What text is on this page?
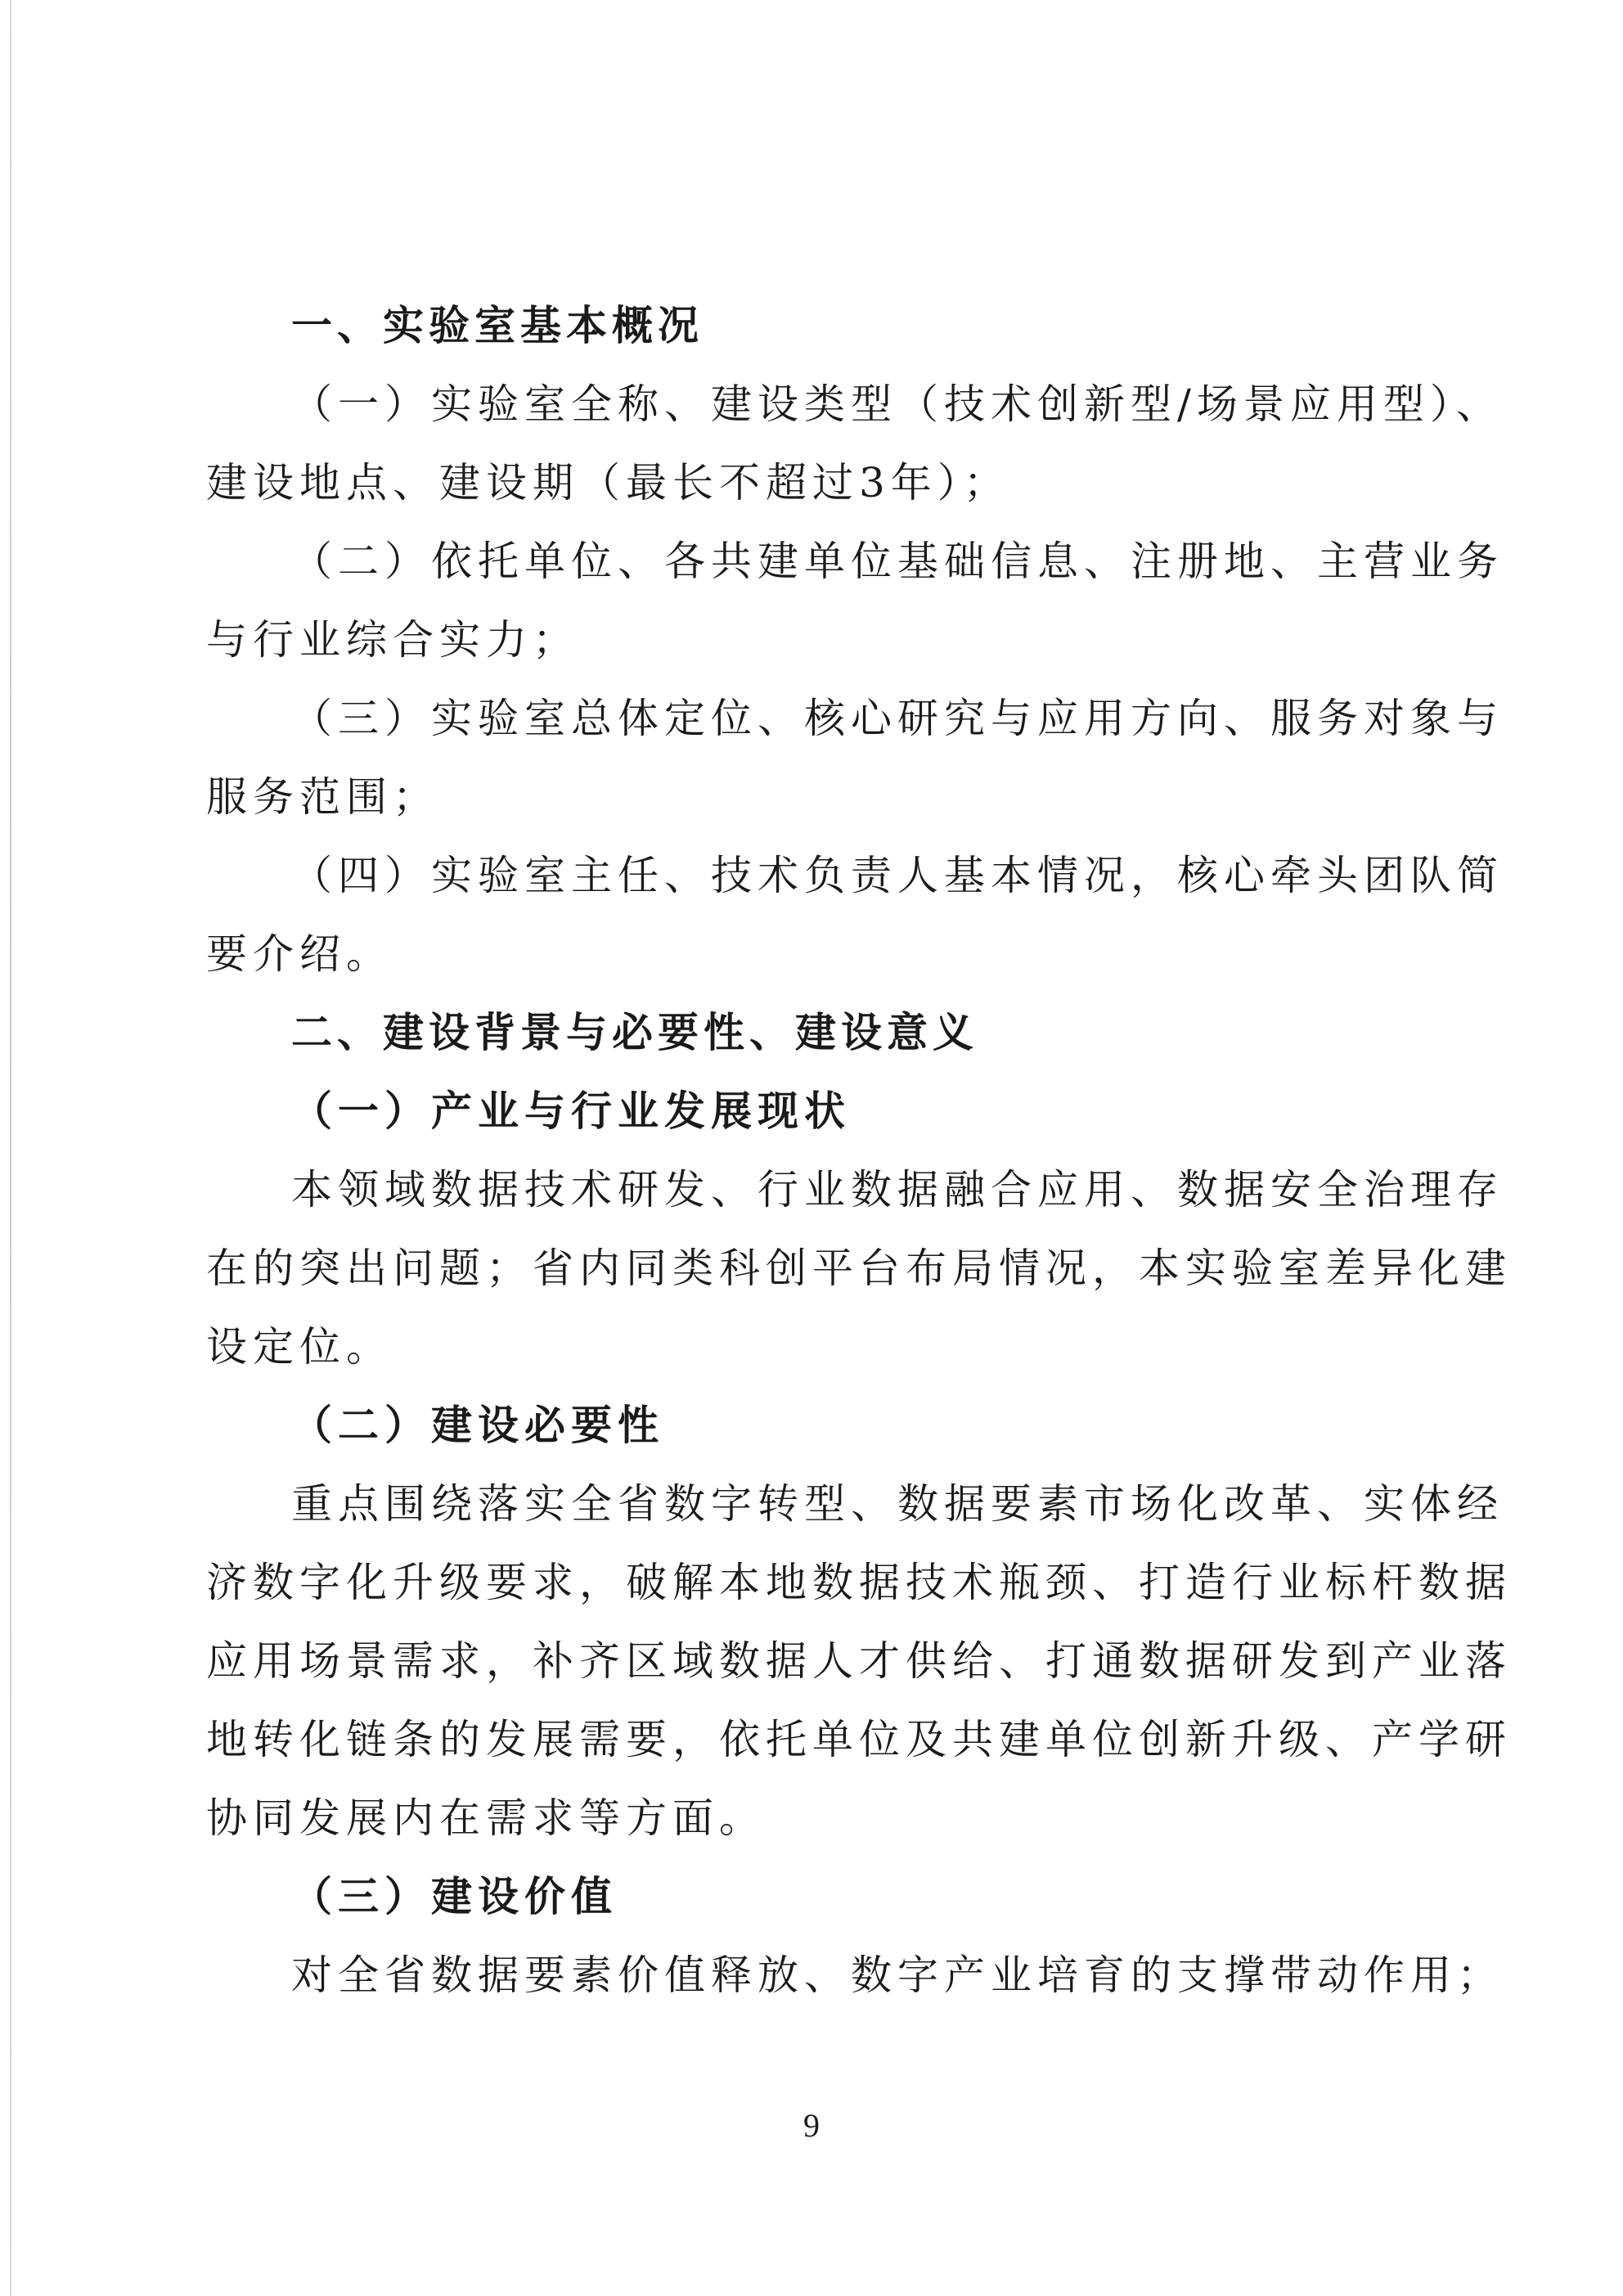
一、实验室基本概况
（一）实验室全称、建设类型（技术创新型/场景应用型）、
建设地点、建设期（最长不超过3年）；
（二）依托单位、各共建单位基础信息、注册地、主营业务
与行业综合实力；
（三）实验室总体定位、核心研究与应用方向、服务对象与
服务范围；
（四）实验室主任、技术负责人基本情况，核心牵头团队简
要介绍。
二、建设背景与必要性、建设意义
（一）产业与行业发展现状
本领域数据技术研发、行业数据融合应用、数据安全治理存
在的突出问题；省内同类科创平台布局情况，本实验室差异化建
设定位。
（二）建设必要性
重点围绕落实全省数字转型、数据要素市场化改革、实体经
济数字化升级要求，破解本地数据技术瓶颈、打造行业标杆数据
应用场景需求，补齐区域数据人才供给、打通数据研发到产业落
地转化链条的发展需要，依托单位及共建单位创新升级、产学研
协同发展内在需求等方面。
（三）建设价值
对全省数据要素价值释放、数字产业培育的支撑带动作用；
9
